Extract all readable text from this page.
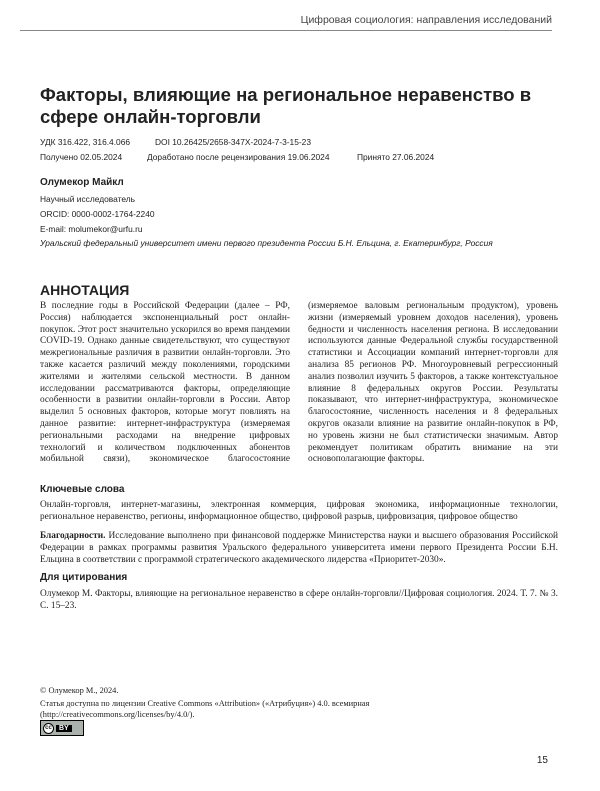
Цифровая социология: направления исследований
Факторы, влияющие на региональное неравенство в сфере онлайн-торговли
УДК 316.422, 316.4.066	DOI 10.26425/2658-347X-2024-7-3-15-23
Получено 02.05.2024	Доработано после рецензирования 19.06.2024	Принято 27.06.2024
Олумекор Майкл
Научный исследователь
ORCID: 0000-0002-1764-2240
E-mail: molumekor@urfu.ru
Уральский федеральный университет имени первого президента России Б.Н. Ельцина, г. Екатеринбург, Россия
АННОТАЦИЯ
В последние годы в Российской Федерации (далее – РФ, Россия) наблюдается экспоненциальный рост онлайн-покупок. Этот рост значительно ускорился во время пандемии COVID-19. Однако данные свидетельствуют, что существуют межрегиональные различия в развитии онлайн-торговли. Это также касается различий между поколениями, городскими жителями и жителями сельской местности. В данном исследовании рассматриваются факторы, определяющие особенности в развитии онлайн-торговли в России. Автор выделил 5 основных факторов, которые могут повлиять на данное развитие: интернет-инфраструктура (измеряемая региональными расходами на внедрение цифровых технологий и количеством подключенных абонентов мобильной связи), экономическое благосостояние (измеряемое валовым региональным продуктом), уровень жизни (измеряемый уровнем доходов населения), уровень бедности и численность населения региона. В исследовании используются данные Федеральной службы государственной статистики и Ассоциации компаний интернет-торговли для анализа 85 регионов РФ. Многоуровневый регрессионный анализ позволил изучить 5 факторов, а также контекстуальное влияние 8 федеральных округов России. Результаты показывают, что интернет-инфраструктура, экономическое благосостояние, численность населения и 8 федеральных округов оказали влияние на развитие онлайн-покупок в РФ, но уровень жизни не был статистически значимым. Автор рекомендует политикам обратить внимание на эти основополагающие факторы.
Ключевые слова
Онлайн-торговля, интернет-магазины, электронная коммерция, цифровая экономика, информационные технологии, региональное неравенство, регионы, информационное общество, цифровой разрыв, цифровизация, цифровое общество
Благодарности. Исследование выполнено при финансовой поддержке Министерства науки и высшего образования Российской Федерации в рамках программы развития Уральского федерального университета имени первого Президента России Б.Н. Ельцина в соответствии с программой стратегического академического лидерства «Приоритет-2030».
Для цитирования
Олумекор М. Факторы, влияющие на региональное неравенство в сфере онлайн-торговли//Цифровая социология. 2024. Т. 7. № 3. С. 15–23.
© Олумекор М., 2024.
Статья доступна по лицензии Creative Commons «Attribution» («Атрибуция») 4.0. всемирная (http://creativecommons.org/licenses/by/4.0/).
cc	BY
15
